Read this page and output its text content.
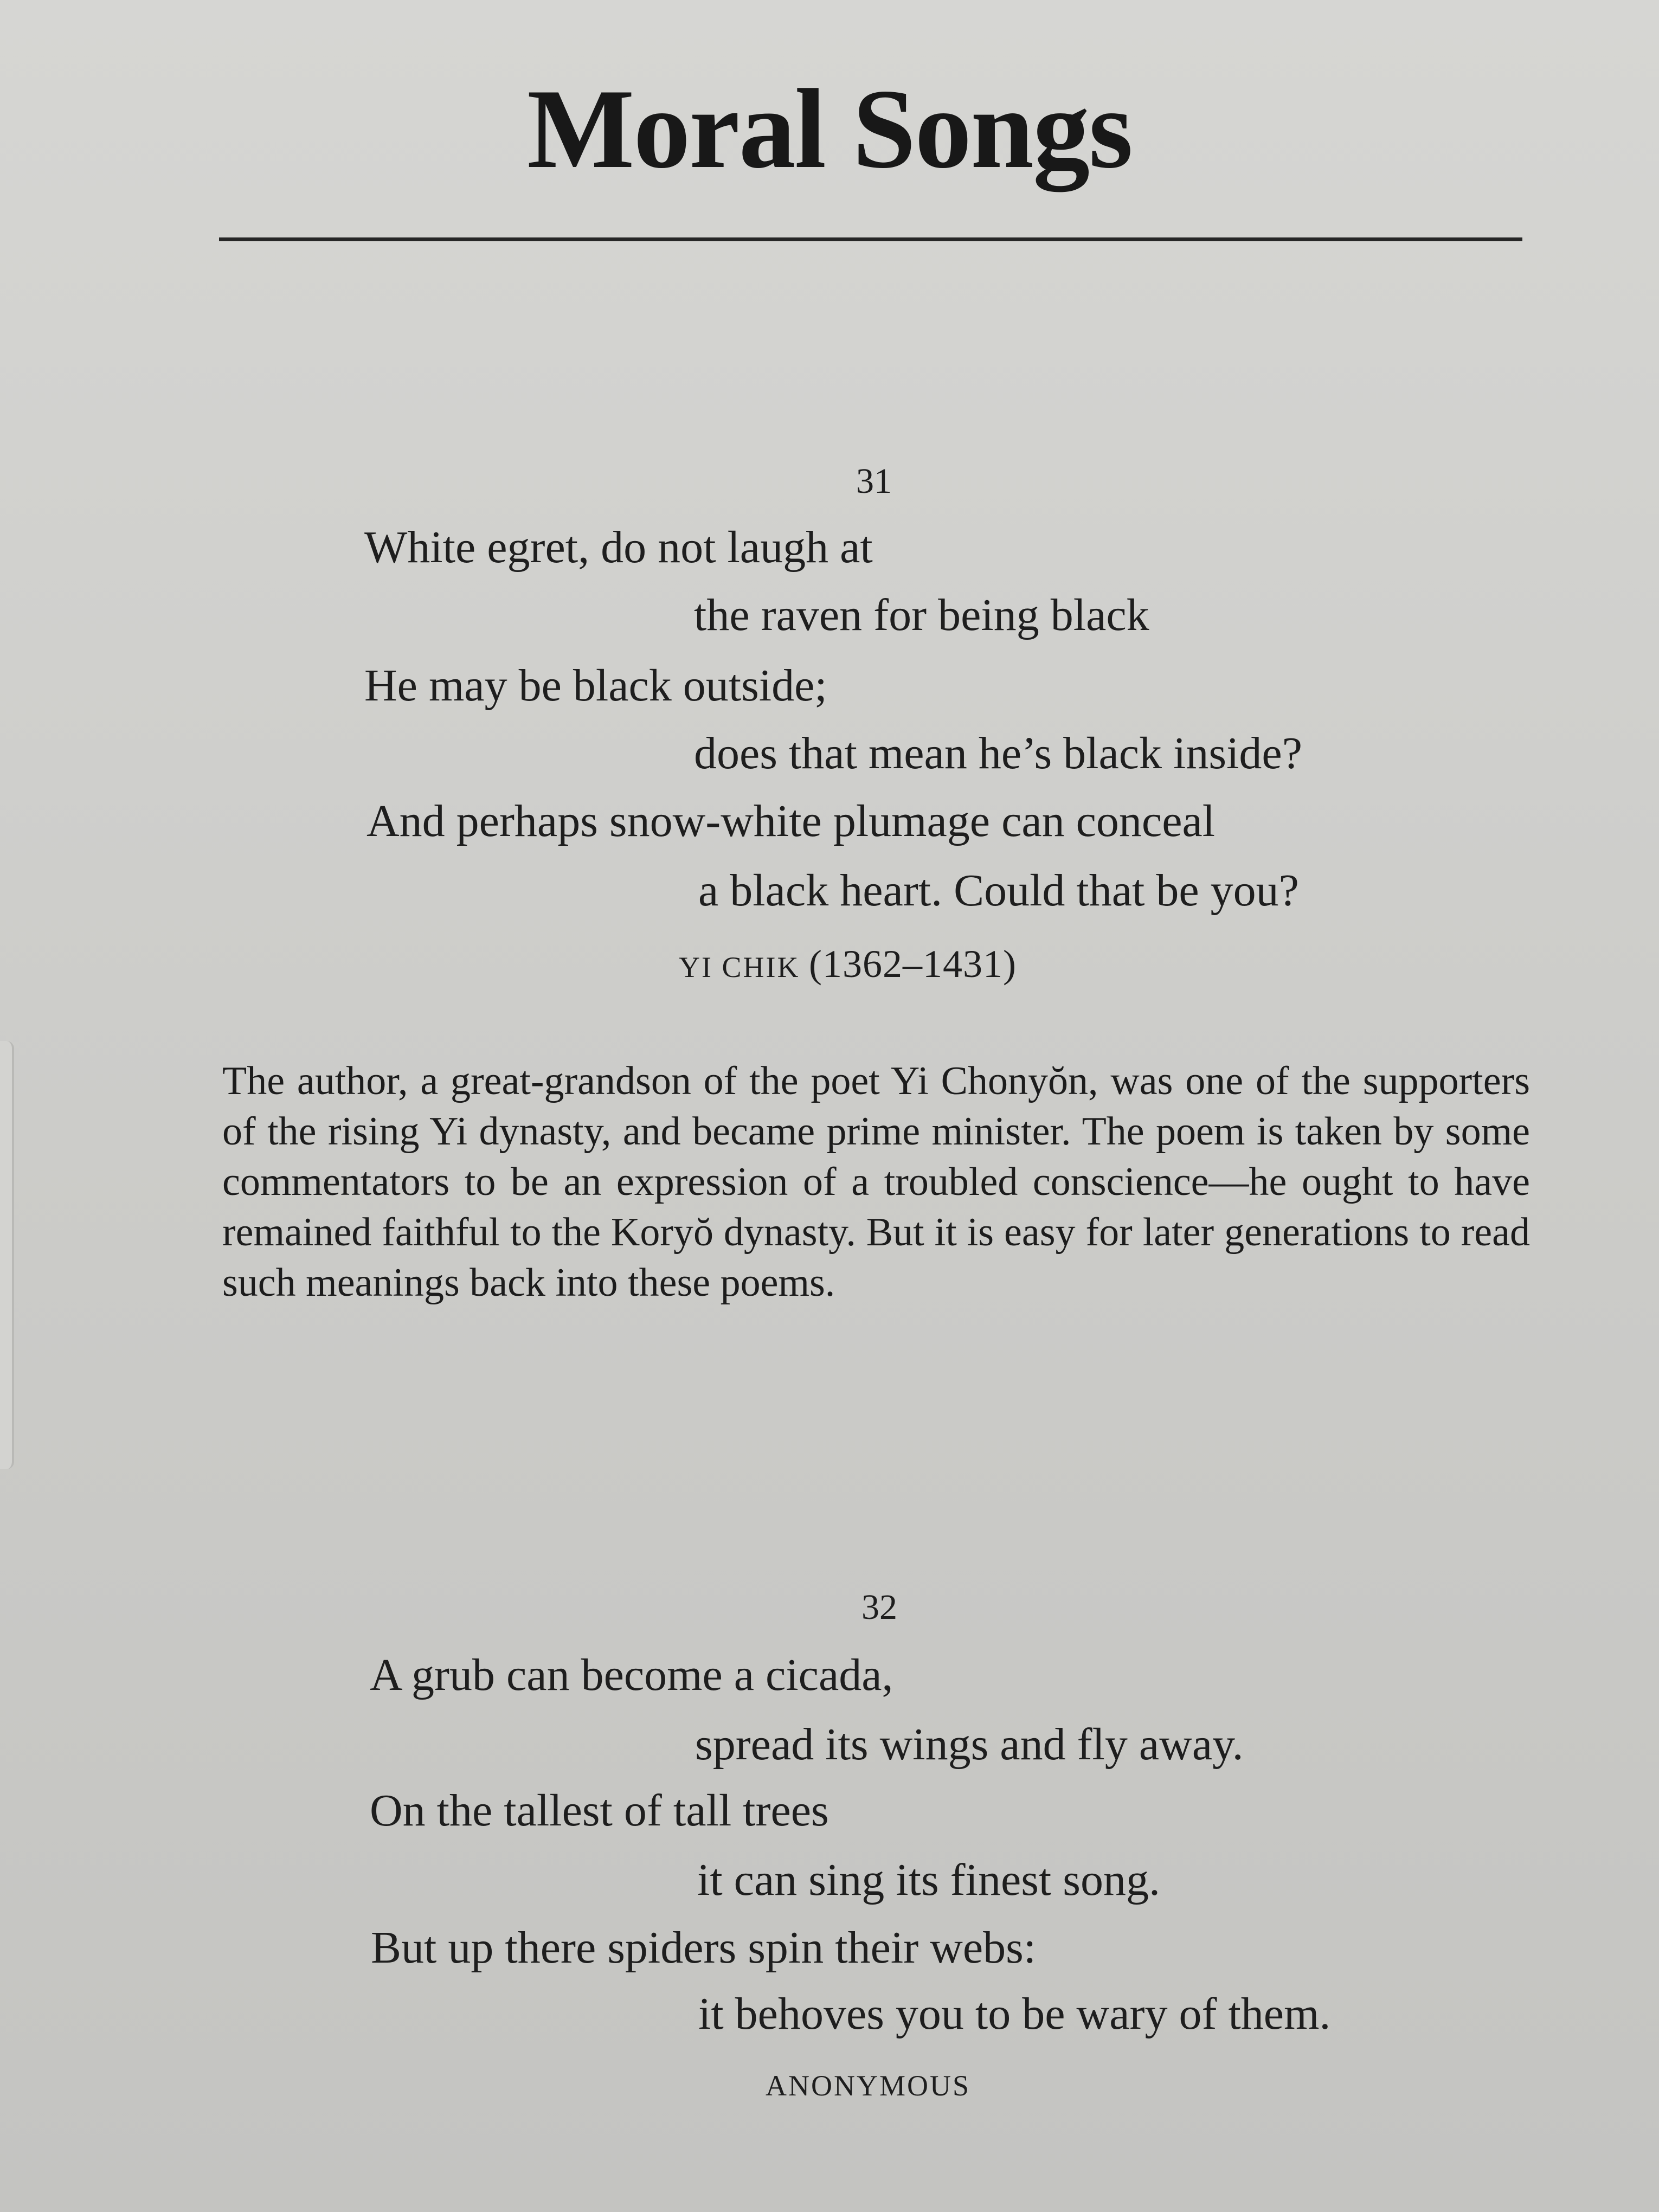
Moral Songs
31
White egret, do not laugh at
the raven for being black
He may be black outside;
does that mean he’s black inside?
And perhaps snow-white plumage can conceal
a black heart. Could that be you?
YI CHIK (1362–1431)

The author, a great-grandson of the poet Yi Chonyŏn, was one of the supporters of the rising Yi dynasty, and became prime minister. The poem is taken by some commentators to be an expression of a troubled conscience—he ought to have remained faithful to the Koryŏ dynasty. But it is easy for later generations to read such meanings back into these poems.

32
A grub can become a cicada,
spread its wings and fly away.
On the tallest of tall trees
it can sing its finest song.
But up there spiders spin their webs:
it behoves you to be wary of them.
ANONYMOUS
